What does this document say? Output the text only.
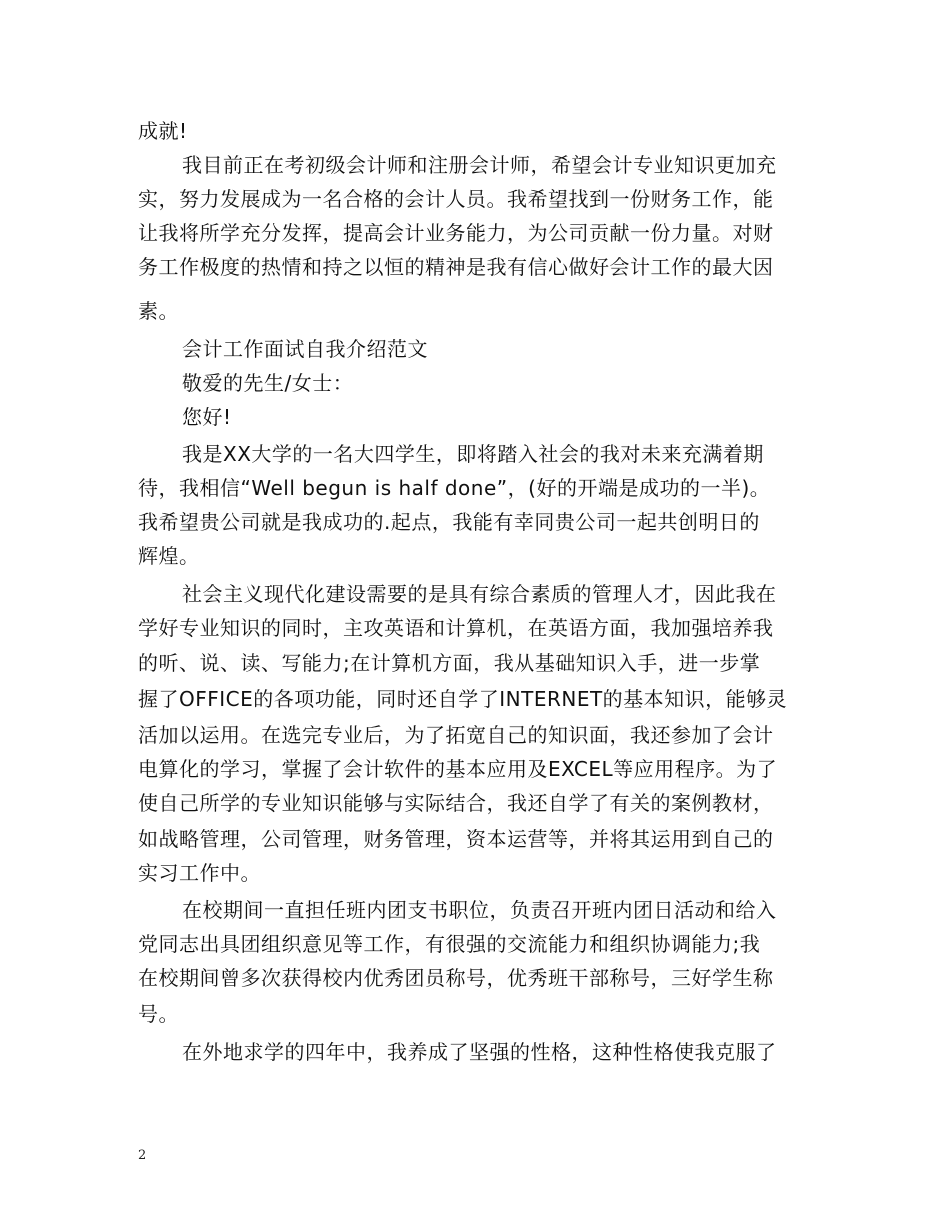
成就!
我目前正在考初级会计师和注册会计师，希望会计专业知识更加充
实，努力发展成为一名合格的会计人员。我希望找到一份财务工作，能
让我将所学充分发挥，提高会计业务能力，为公司贡献一份力量。对财
务工作极度的热情和持之以恒的精神是我有信心做好会计工作的最大因
素。
会计工作面试自我介绍范文
敬爱的先生/女士：
您好!
我是XX大学的一名大四学生，即将踏入社会的我对未来充满着期
待，我相信“Well begun is half done”，(好的开端是成功的一半)。
我希望贵公司就是我成功的.起点，我能有幸同贵公司一起共创明日的
辉煌。
社会主义现代化建设需要的是具有综合素质的管理人才，因此我在
学好专业知识的同时，主攻英语和计算机，在英语方面，我加强培养我
的听、说、读、写能力;在计算机方面，我从基础知识入手，进一步掌
握了OFFICE的各项功能，同时还自学了INTERNET的基本知识，能够灵
活加以运用。在选完专业后，为了拓宽自己的知识面，我还参加了会计
电算化的学习，掌握了会计软件的基本应用及EXCEL等应用程序。为了
使自己所学的专业知识能够与实际结合，我还自学了有关的案例教材，
如战略管理，公司管理，财务管理，资本运营等，并将其运用到自己的
实习工作中。
在校期间一直担任班内团支书职位，负责召开班内团日活动和给入
党同志出具团组织意见等工作，有很强的交流能力和组织协调能力;我
在校期间曾多次获得校内优秀团员称号，优秀班干部称号，三好学生称
号。
在外地求学的四年中，我养成了坚强的性格，这种性格使我克服了
2
